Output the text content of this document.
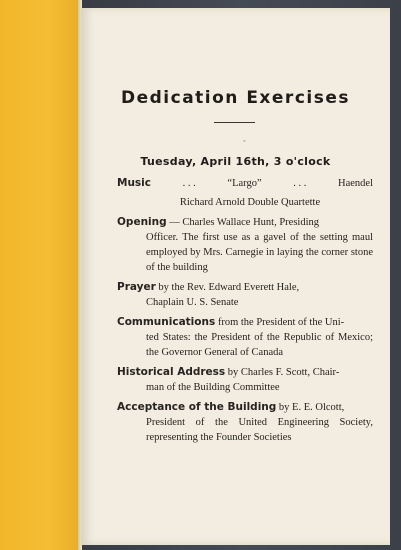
Dedication Exercises
ˇ
Tuesday, April 16th, 3 o'clock
Music	. . .	“Largo”	. . .	Haendel
Richard Arnold Double Quartette
Opening — Charles Wallace Hunt, Presiding
Officer. The first use as a gavel of the setting maul employed by Mrs. Carnegie in laying the corner stone of the building
Prayer by the Rev. Edward Everett Hale,
Chaplain U. S. Senate
Communications from the President of the Uni-
ted States: the President of the Republic of Mexico; the Governor General of Canada
Historical Address by Charles F. Scott, Chair-
man of the Building Committee
Acceptance of the Building by E. E. Olcott,
President of the United Engineering Society, representing the Founder Societies
